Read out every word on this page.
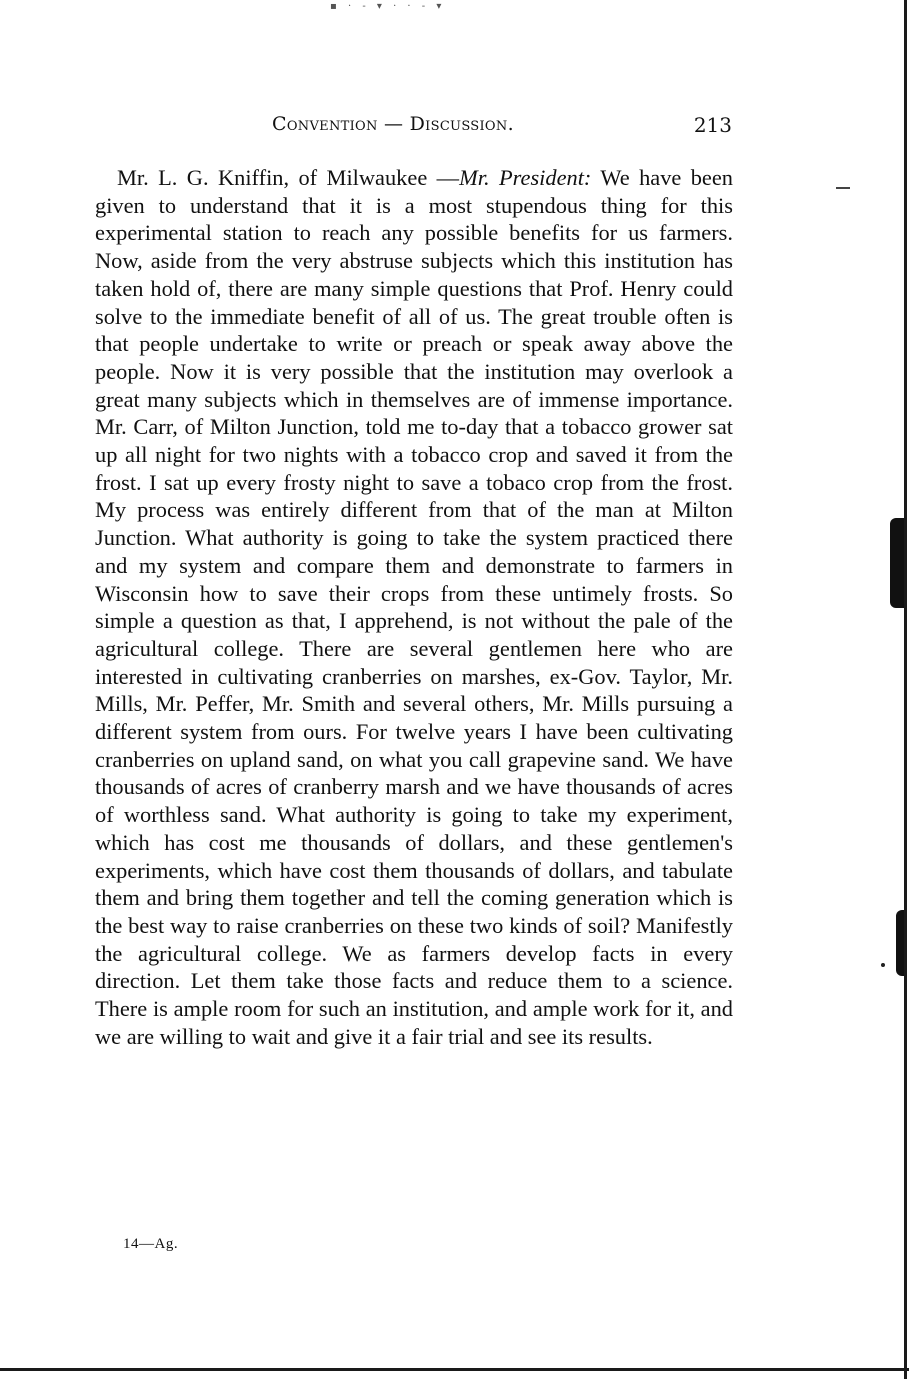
▪ · ‐ ▾ · · ‐ ▾
Convention — Discussion.	213

Mr. L. G. Kniffin, of Milwaukee —Mr. President: We have been given to understand that it is a most stupendous thing for this experimental station to reach any possible benefits for us farmers. Now, aside from the very abstruse subjects which this institution has taken hold of, there are many simple questions that Prof. Henry could solve to the immediate benefit of all of us. The great trouble often is that people undertake to write or preach or speak away above the people. Now it is very possible that the institution may overlook a great many subjects which in themselves are of immense importance. Mr. Carr, of Milton Junction, told me to-day that a tobacco grower sat up all night for two nights with a tobacco crop and saved it from the frost. I sat up every frosty night to save a tobaco crop from the frost. My process was entirely different from that of the man at Milton Junction. What authority is going to take the system practiced there and my system and compare them and demonstrate to farmers in Wisconsin how to save their crops from these untimely frosts. So simple a question as that, I apprehend, is not without the pale of the agricultural college. There are several gentlemen here who are interested in cultivating cranberries on marshes, ex-Gov. Taylor, Mr. Mills, Mr. Peffer, Mr. Smith and several others, Mr. Mills pursuing a different system from ours. For twelve years I have been cultivating cranberries on upland sand, on what you call grapevine sand. We have thousands of acres of cranberry marsh and we have thousands of acres of worthless sand. What authority is going to take my experiment, which has cost me thousands of dollars, and these gentlemen's experiments, which have cost them thousands of dollars, and tabulate them and bring them together and tell the coming generation which is the best way to raise cranberries on these two kinds of soil? Manifestly the agricultural college. We as farmers develop facts in every direction. Let them take those facts and reduce them to a science. There is ample room for such an institution, and ample work for it, and we are willing to wait and give it a fair trial and see its results.

14—Ag.
